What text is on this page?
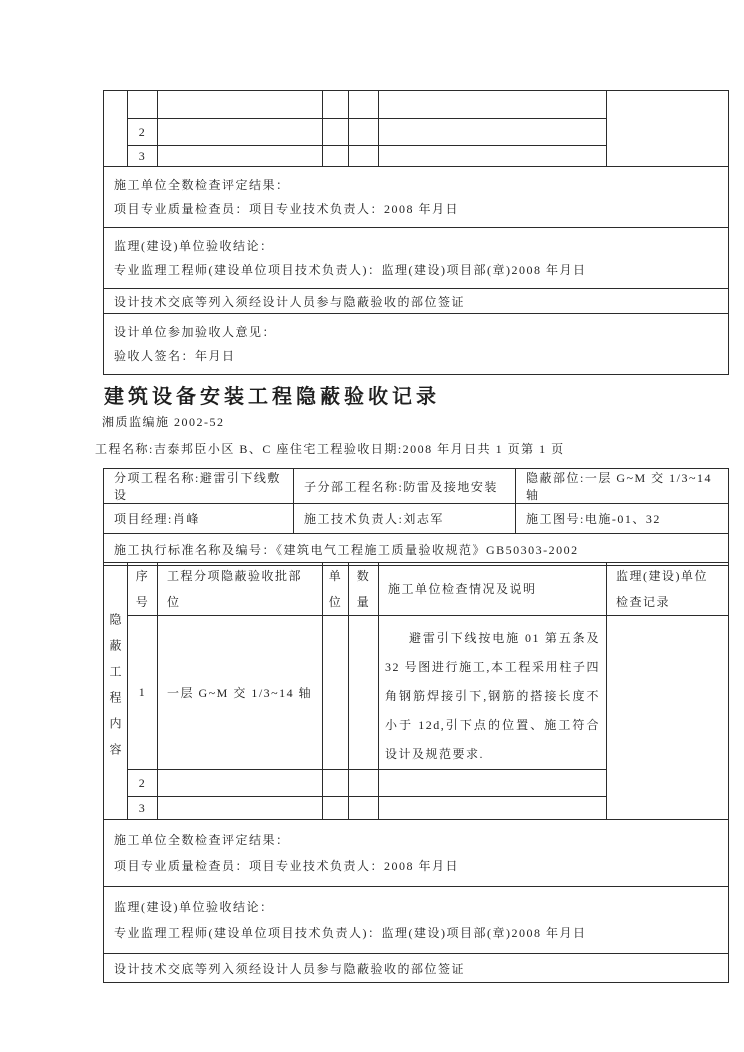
	2					
	3					

施工单位全数检查评定结果：
项目专业质量检查员：项目专业技术负责人：2008 年月日						

监理(建设)单位验收结论：
专业监理工程师(建设单位项目技术负责人)：监理(建设)项目部(章)2008 年月日						

设计技术交底等列入须经设计人员参与隐蔽验收的部位签证						

设计单位参加验收人意见：
验收人签名：年月日						
建筑设备安装工程隐蔽验收记录
湘质监编施 2002-52
工程名称:吉泰邦臣小区 B、C 座住宅工程验收日期:2008 年月日共 1 页第 1 页
分项工程名称:避雷引下线敷设	子分部工程名称:防雷及接地安装	隐蔽部位:一层 G~M 交 1/3~14 轴
项目经理:肖峰	施工技术负责人:刘志军	施工图号:电施-01、32
施工执行标准名称及编号：《建筑电气工程施工质量验收规范》GB50303-2002		
隐蔽工程内容	序号	工程分项隐蔽验收批部位	单位	数量	施工单位检查情况及说明	监理(建设)单位检查记录
	1	一层 G~M 交 1/3~14 轴			避雷引下线按电施 01 第五条及 32 号图进行施工,本工程采用柱子四角钢筋焊接引下,钢筋的搭接长度不小于 12d,引下点的位置、施工符合设计及规范要求.	
	2					
	3					

施工单位全数检查评定结果：
项目专业质量检查员：项目专业技术负责人：2008 年月日						

监理(建设)单位验收结论：
专业监理工程师(建设单位项目技术负责人)：监理(建设)项目部(章)2008 年月日						

设计技术交底等列入须经设计人员参与隐蔽验收的部位签证						
